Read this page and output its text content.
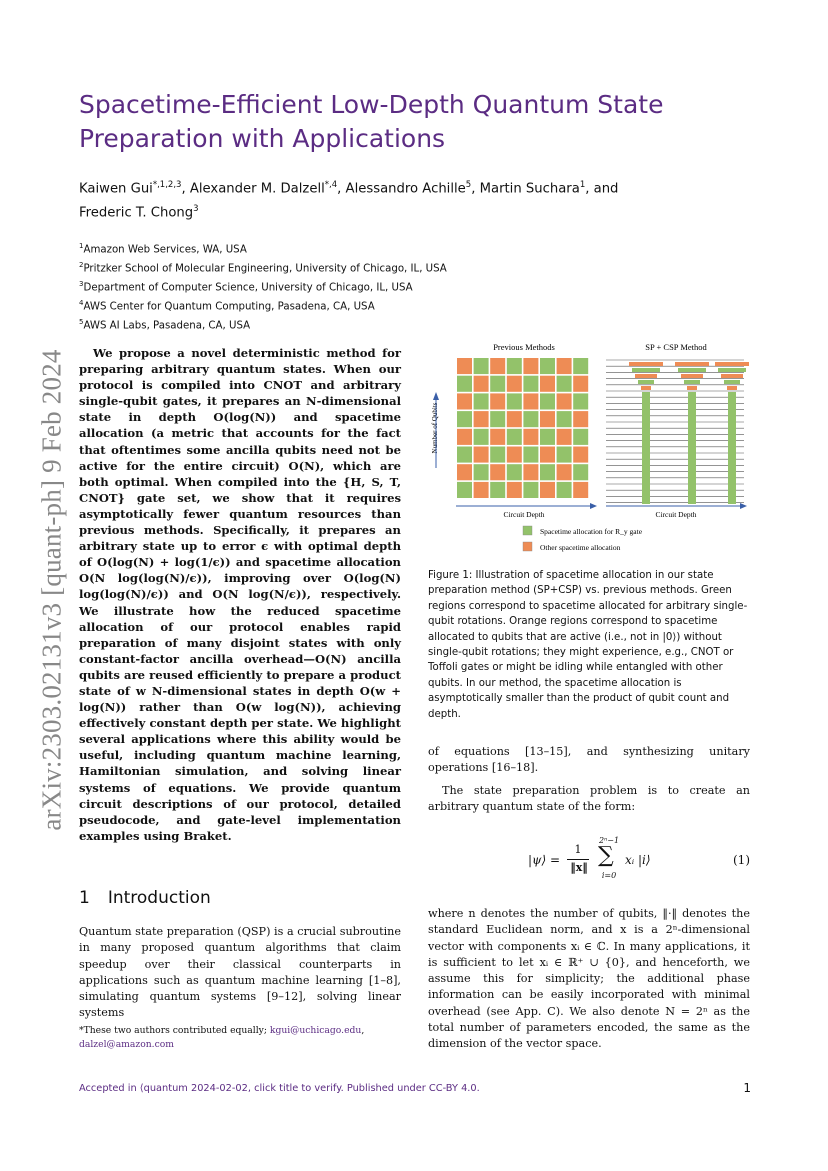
arXiv:2303.02131v3 [quant-ph] 9 Feb 2024
Spacetime-Efficient Low-Depth Quantum State Preparation with Applications
Kaiwen Gui$^{*,1,2,3}$, Alexander M. Dalzell$^{*,4}$, Alessandro Achille$^5$, Martin Suchara$^1$, and
Frederic T. Chong$^3$
$^1$Amazon Web Services, WA, USA
$^2$Pritzker School of Molecular Engineering, University of Chicago, IL, USA
$^3$Department of Computer Science, University of Chicago, IL, USA
$^4$AWS Center for Quantum Computing, Pasadena, CA, USA
$^5$AWS AI Labs, Pasadena, CA, USA

We propose a novel deterministic method for preparing arbitrary quantum states. When our protocol is compiled into CNOT and arbitrary single-qubit gates, it prepares an N-dimensional state in depth O(log(N)) and spacetime allocation (a metric that accounts for the fact that oftentimes some ancilla qubits need not be active for the entire circuit) O(N), which are both optimal. When compiled into the {H, S, T, CNOT} gate set, we show that it requires asymptotically fewer quantum resources than previous methods. Specifically, it prepares an arbitrary state up to error ϵ with optimal depth of O(log(N) + log(1/ϵ)) and spacetime allocation O(N log(log(N)/ϵ)), improving over O(log(N) log(log(N)/ϵ)) and O(N log(N/ϵ)), respectively. We illustrate how the reduced spacetime allocation of our protocol enables rapid preparation of many disjoint states with only constant-factor ancilla overhead—O(N) ancilla qubits are reused efficiently to prepare a product state of w N-dimensional states in depth O(w + log(N)) rather than O(w log(N)), achieving effectively constant depth per state. We highlight several applications where this ability would be useful, including quantum machine learning, Hamiltonian simulation, and solving linear systems of equations. We provide quantum circuit descriptions of our protocol, detailed pseudocode, and gate-level implementation examples using Braket.

1 Introduction

Quantum state preparation (QSP) is a crucial subroutine in many proposed quantum algorithms that claim speedup over their classical counterparts in applications such as quantum machine learning [1–8], simulating quantum systems [9–12], solving linear systems

*These two authors contributed equally; kgui@uchicago.edu,
dalzel@amazon.com
Previous Methods	SP + CSP Method
Number of Qubits
Circuit Depth	Circuit Depth
Spacetime allocation for R_y gate
Other spacetime allocation
Figure 1: Illustration of spacetime allocation in our state preparation method (SP+CSP) vs. previous methods. Green regions correspond to spacetime allocated for arbitrary single-qubit rotations. Orange regions correspond to spacetime allocated to qubits that are active (i.e., not in |0⟩) without single-qubit rotations; they might experience, e.g., CNOT or Toffoli gates or might be idling while entangled with other qubits. In our method, the spacetime allocation is asymptotically smaller than the product of qubit count and depth.

of equations [13–15], and synthesizing unitary operations [16–18].

The state preparation problem is to create an arbitrary quantum state of the form:

|ψ⟩ =
1
‖x‖
2ⁿ−1
∑
i=0
xᵢ |i⟩	(1)
where n denotes the number of qubits, ‖·‖ denotes the standard Euclidean norm, and x is a 2ⁿ-dimensional vector with components xᵢ ∈ ℂ. In many applications, it is sufficient to let xᵢ ∈ ℝ⁺ ∪ {0}, and henceforth, we assume this for simplicity; the additional phase information can be easily incorporated with minimal overhead (see App. C). We also denote N = 2ⁿ as the total number of parameters encoded, the same as the dimension of the vector space.
Accepted in ⟨quantum 2024-02-02, click title to verify. Published under CC-BY 4.0.	1
